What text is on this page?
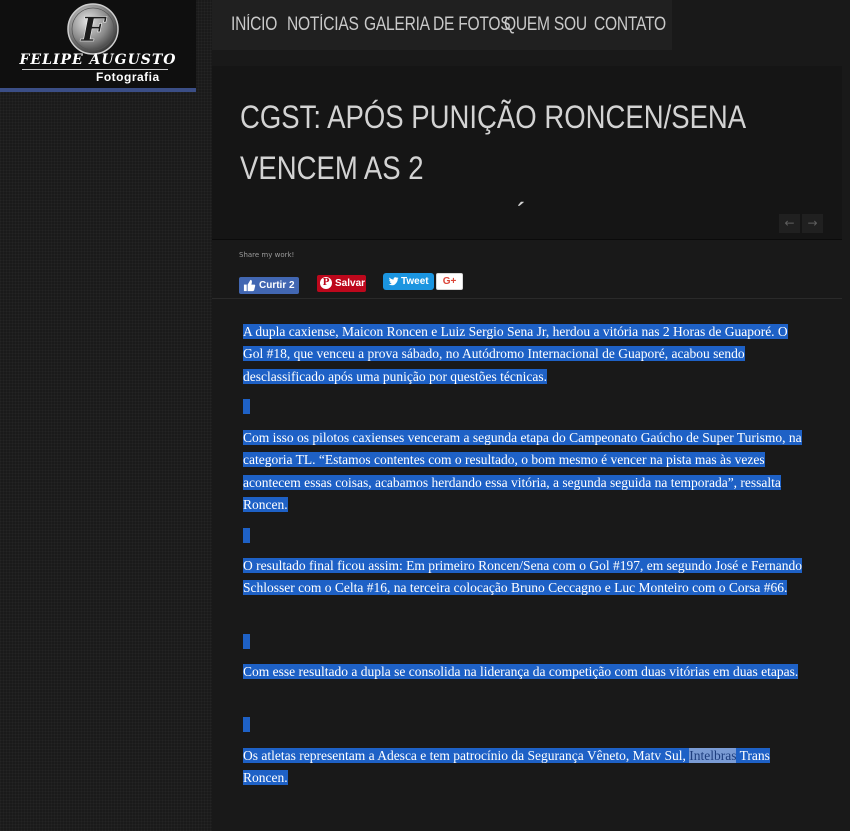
F
FELIPE AUGUSTO
Fotografia
INÍCIO NOTÍCIAS GALERIA DE FOTOS
QUEM SOU CONTATO
CGST: APÓS PUNIÇÃO RONCEN/SENA VENCEM AS 2

←	→
Share my work!
Curtir 2	P Salvar	Tweet	G+

A dupla caxiense, Maicon Roncen e Luiz Sergio Sena Jr, herdou a vitória nas 2 Horas de Guaporé. O Gol #18, que venceu a prova sábado, no Autódromo Internacional de Guaporé, acabou sendo desclassificado após uma punição por questões técnicas.

Com isso os pilotos caxienses venceram a segunda etapa do Campeonato Gaúcho de Super Turismo, na categoria TL. “Estamos contentes com o resultado, o bom mesmo é vencer na pista mas às vezes acontecem essas coisas, acabamos herdando essa vitória, a segunda seguida na temporada”, ressalta Roncen.

O resultado final ficou assim: Em primeiro Roncen/Sena com o Gol #197, em segundo José e Fernando Schlosser com o Celta #16, na terceira colocação Bruno Ceccagno e Luc Monteiro com o Corsa #66.

Com esse resultado a dupla se consolida na liderança da competição com duas vitórias em duas etapas.

Os atletas representam a Adesca e tem patrocínio da Segurança Vêneto, Matv Sul, Intelbras Trans Roncen.
